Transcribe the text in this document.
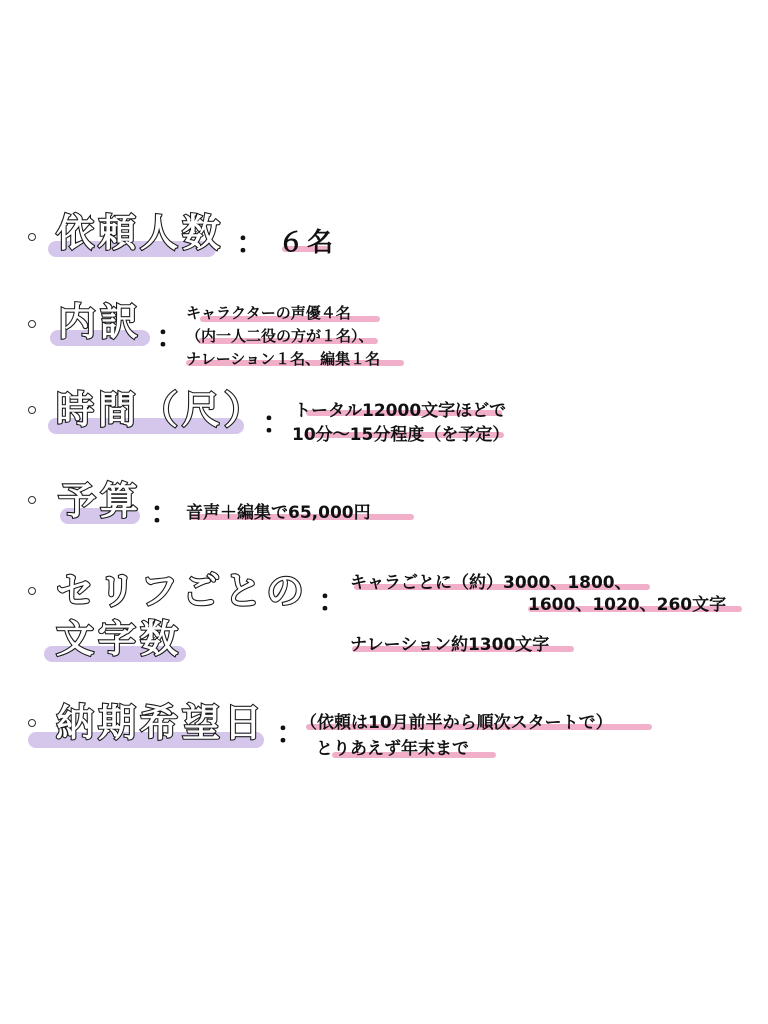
依頼人数 ： ６名
内訳 ：
キャラクターの声優４名
（内一人二役の方が１名）、
ナレーション１名、編集１名
時間（尺）
： トータル12000文字ほどで
10分〜15分程度（を予定）
予算 ： 音声＋編集で65,000円
セリフごとの
文字数
：
キャラごとに（約）3000、1800、
1600、1020、260文字
ナレーション約1300文字
納期希望日 ：
（依頼は10月前半から順次スタートで）
とりあえず年末まで
